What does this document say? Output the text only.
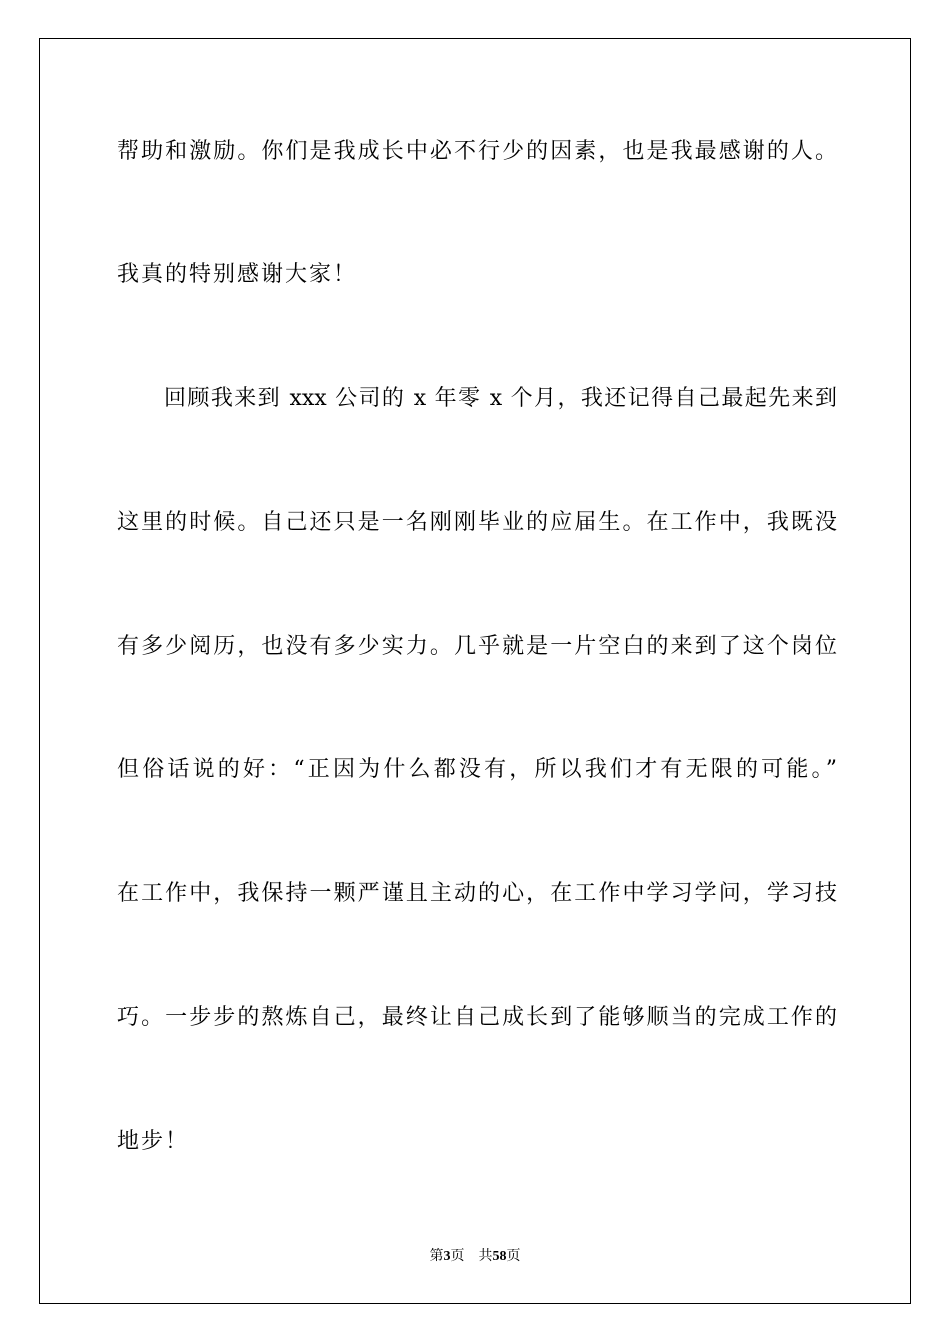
帮助和激励。你们是我成长中必不行少的因素，也是我最感谢的人。
我真的特别感谢大家！
回顾我来到 xxx 公司的 x 年零 x 个月，我还记得自己最起先来到
这里的时候。自己还只是一名刚刚毕业的应届生。在工作中，我既没
有多少阅历，也没有多少实力。几乎就是一片空白的来到了这个岗位
但俗话说的好：“正因为什么都没有，所以我们才有无限的可能。”
在工作中，我保持一颗严谨且主动的心，在工作中学习学问，学习技
巧。一步步的熬炼自己，最终让自己成长到了能够顺当的完成工作的
地步！
第3页 共58页
